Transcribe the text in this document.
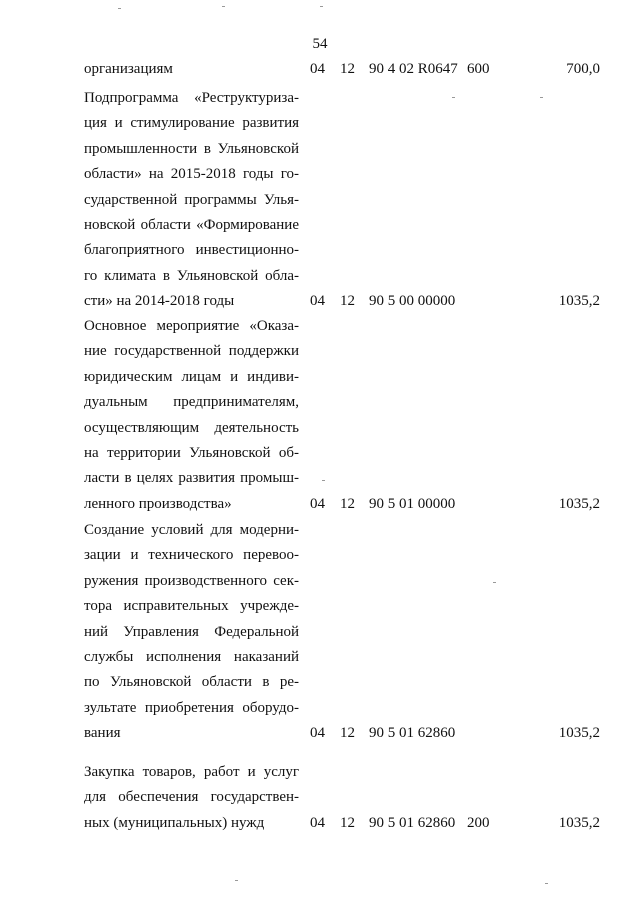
54
организациям	04 12 90 4 02 R0647 600	700,0
Подпрограмма «Реструктуриза-
ция и стимулирование развития
промышленности в Ульяновской
области» на 2015-2018 годы го-
сударственной программы Улья-
новской области «Формирование
благоприятного инвестиционно-
го климата в Ульяновской обла-
сти» на 2014-2018 годы	04 12 90 5 00 00000	1035,2
Основное мероприятие «Оказа-
ние государственной поддержки
юридическим лицам и индиви-
дуальным предпринимателям,
осуществляющим деятельность
на территории Ульяновской об-
ласти в целях развития промыш-
ленного производства»	04 12 90 5 01 00000	1035,2
Создание условий для модерни-
зации и технического перевоо-
ружения производственного сек-
тора исправительных учрежде-
ний Управления Федеральной
службы исполнения наказаний
по Ульяновской области в ре-
зультате приобретения оборудо-
вания	04 12 90 5 01 62860	1035,2
Закупка товаров, работ и услуг
для обеспечения государствен-
ных (муниципальных) нужд	04 12 90 5 01 62860 200	1035,2
